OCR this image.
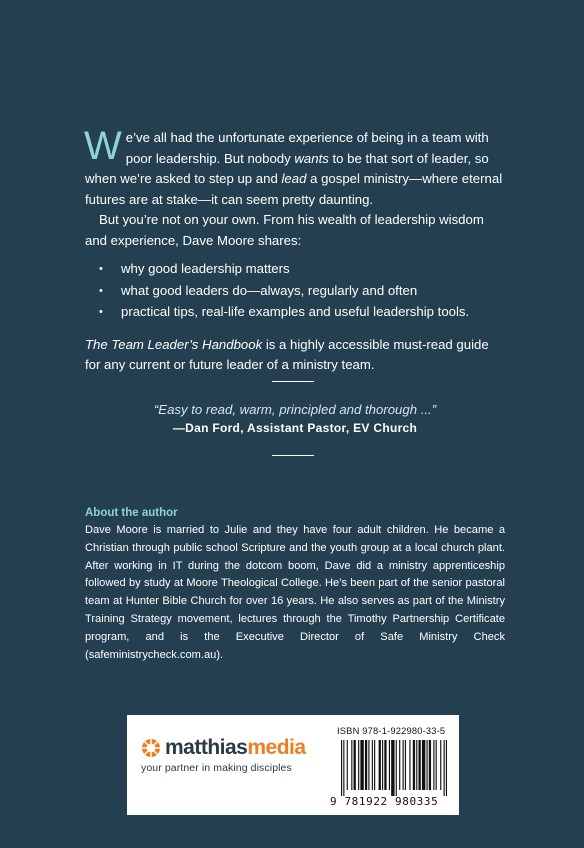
We’ve all had the unfortunate experience of being in a team with poor leadership. But nobody wants to be that sort of leader, so when we’re asked to step up and lead a gospel ministry—where eternal futures are at stake—it can seem pretty daunting.

But you’re not on your own. From his wealth of leadership wisdom and experience, Dave Moore shares:

• why good leadership matters
• what good leaders do—always, regularly and often
• practical tips, real-life examples and useful leadership tools.

The Team Leader’s Handbook is a highly accessible must-read guide for any current or future leader of a ministry team.

“Easy to read, warm, principled and thorough ...”
—Dan Ford, Assistant Pastor, EV Church
About the author

Dave Moore is married to Julie and they have four adult children. He became a Christian through public school Scripture and the youth group at a local church plant. After working in IT during the dotcom boom, Dave did a ministry apprenticeship followed by study at Moore Theological College. He’s been part of the senior pastoral team at Hunter Bible Church for over 16 years. He also serves as part of the Ministry Training Strategy movement, lectures through the Timothy Partnership Certificate program, and is the Executive Director of Safe Ministry Check (safeministrycheck.com.au).

matthiasmedia
your partner in making disciples
ISBN 978-1-922980-33-5
9 781922 980335
